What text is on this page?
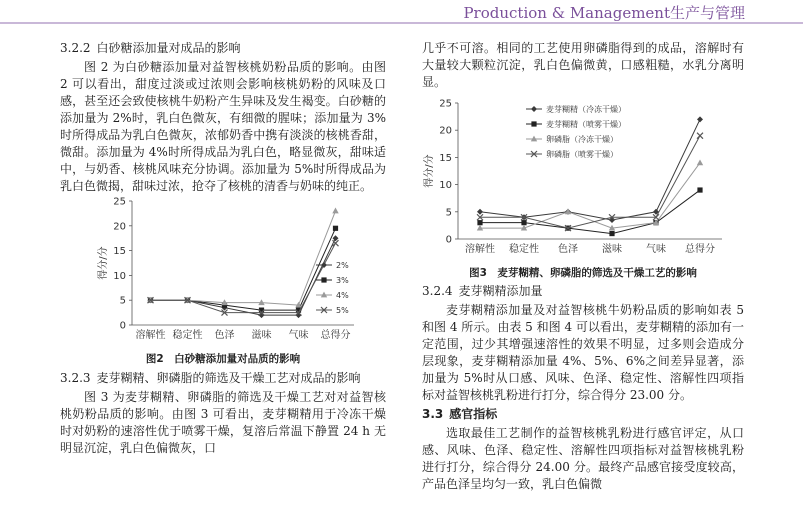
Production & Management生产与管理
3.2.2 白砂糖添加量对成品的影响

图 2 为白砂糖添加量对益智核桃奶粉品质的影响。由图 2 可以看出，甜度过淡或过浓则会影响核桃奶粉的风味及口感，甚至还会致使核桃牛奶粉产生异味及发生褐变。白砂糖的添加量为 2%时，乳白色微灰，有细微的腥味；添加量为 3%时所得成品为乳白色微灰，浓郁奶香中携有淡淡的核桃香甜，微甜。添加量为 4%时所得成品为乳白色，略显微灰，甜味适中，与奶香、核桃风味充分协调。添加量为 5%时所得成品为乳白色微揭，甜味过浓，抢夺了核桃的清香与奶味的纯正。

0
5
10
15
20
25
溶解性 稳定性 色泽 滋味 气味 总得分
得分/分	2%
3%
4%
5%
图2　白砂糖添加量对品质的影响
3.2.3 麦芽糊精、卵磷脂的筛选及干燥工艺对成品的影响

图 3 为麦芽糊精、卵磷脂的筛选及干燥工艺对对益智核桃奶粉品质的影响。由图 3 可看出，麦芽糊精用于冷冻干燥时对奶粉的速溶性优于喷雾干燥，复溶后常温下静置 24 h 无明显沉淀，乳白色偏微灰，口

几乎不可溶。相同的工艺使用卵磷脂得到的成品，溶解时有大量较大颗粒沉淀，乳白色偏微黄，口感粗糙，水乳分离明显。

0
5
10
15
20
25
溶解性 稳定性 色泽 滋味 气味 总得分
得分/分
麦芽糊精（冷冻干燥）
麦芽糊精（喷雾干燥）
卵磷脂（冷冻干燥）
卵磷脂（喷雾干燥）
图3　麦芽糊精、卵磷脂的筛选及干燥工艺的影响
3.2.4 麦芽糊精添加量

麦芽糊精添加量及对益智核桃牛奶粉品质的影响如表 5 和图 4 所示。由表 5 和图 4 可以看出，麦芽糊精的添加有一定范围，过少其增强速溶性的效果不明显，过多则会造成分层现象，麦芽糊精添加量 4%、5%、6%之间差异显著，添加量为 5%时从口感、风味、色泽、稳定性、溶解性四项指标对益智核桃乳粉进行打分，综合得分 23.00 分。

3.3 感官指标

选取最佳工艺制作的益智核桃乳粉进行感官评定，从口感、风味、色泽、稳定性、溶解性四项指标对益智核桃乳粉进行打分，综合得分 24.00 分。最终产品感官接受度较高，产品色泽呈均匀一致，乳白色偏微
